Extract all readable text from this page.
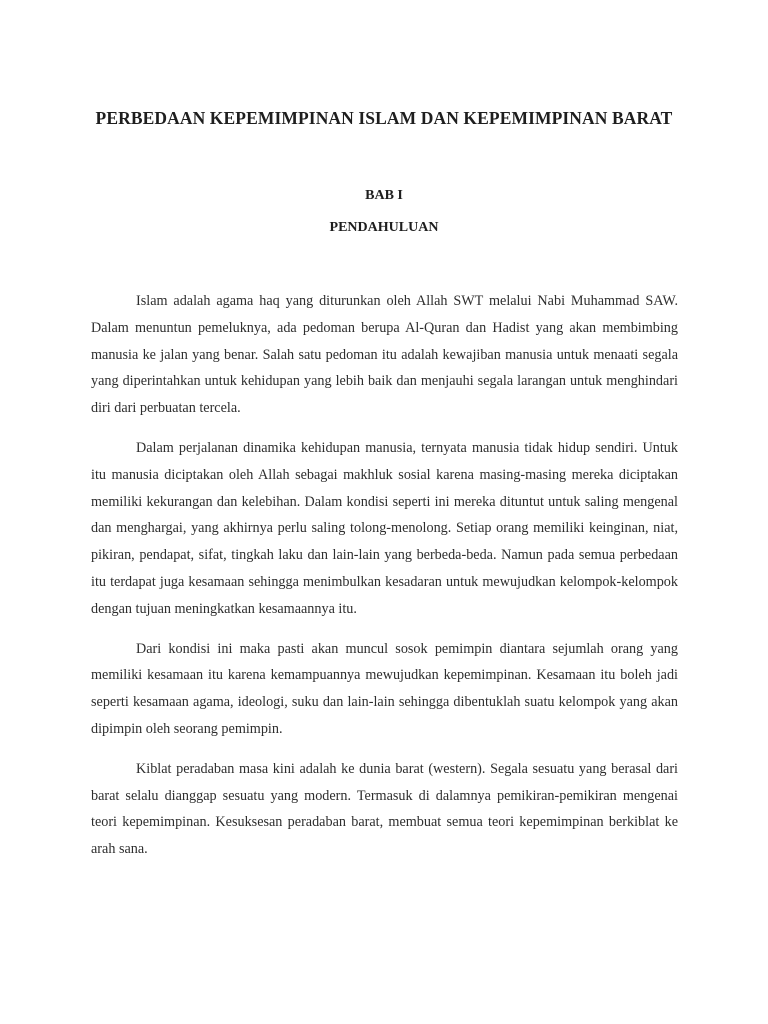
PERBEDAAN KEPEMIMPINAN ISLAM DAN KEPEMIMPINAN BARAT
BAB I
PENDAHULUAN

Islam adalah agama haq yang diturunkan oleh Allah SWT melalui Nabi Muhammad SAW. Dalam menuntun pemeluknya, ada pedoman berupa Al-Quran dan Hadist yang akan membimbing manusia ke jalan yang benar. Salah satu pedoman itu adalah kewajiban manusia untuk menaati segala yang diperintahkan untuk kehidupan yang lebih baik dan menjauhi segala larangan untuk menghindari diri dari perbuatan tercela.

Dalam perjalanan dinamika kehidupan manusia, ternyata manusia tidak hidup sendiri. Untuk itu manusia diciptakan oleh Allah sebagai makhluk sosial karena masing-masing mereka diciptakan memiliki kekurangan dan kelebihan. Dalam kondisi seperti ini mereka dituntut untuk saling mengenal dan menghargai, yang akhirnya perlu saling tolong-menolong. Setiap orang memiliki keinginan, niat, pikiran, pendapat, sifat, tingkah laku dan lain-lain yang berbeda-beda. Namun pada semua perbedaan itu terdapat juga kesamaan sehingga menimbulkan kesadaran untuk mewujudkan kelompok-kelompok dengan tujuan meningkatkan kesamaannya itu.

Dari kondisi ini maka pasti akan muncul sosok pemimpin diantara sejumlah orang yang memiliki kesamaan itu karena kemampuannya mewujudkan kepemimpinan. Kesamaan itu boleh jadi seperti kesamaan agama, ideologi, suku dan lain-lain sehingga dibentuklah suatu kelompok yang akan dipimpin oleh seorang pemimpin.

Kiblat peradaban masa kini adalah ke dunia barat (western). Segala sesuatu yang berasal dari barat selalu dianggap sesuatu yang modern. Termasuk di dalamnya pemikiran-pemikiran mengenai teori kepemimpinan. Kesuksesan peradaban barat, membuat semua teori kepemimpinan berkiblat ke arah sana.
